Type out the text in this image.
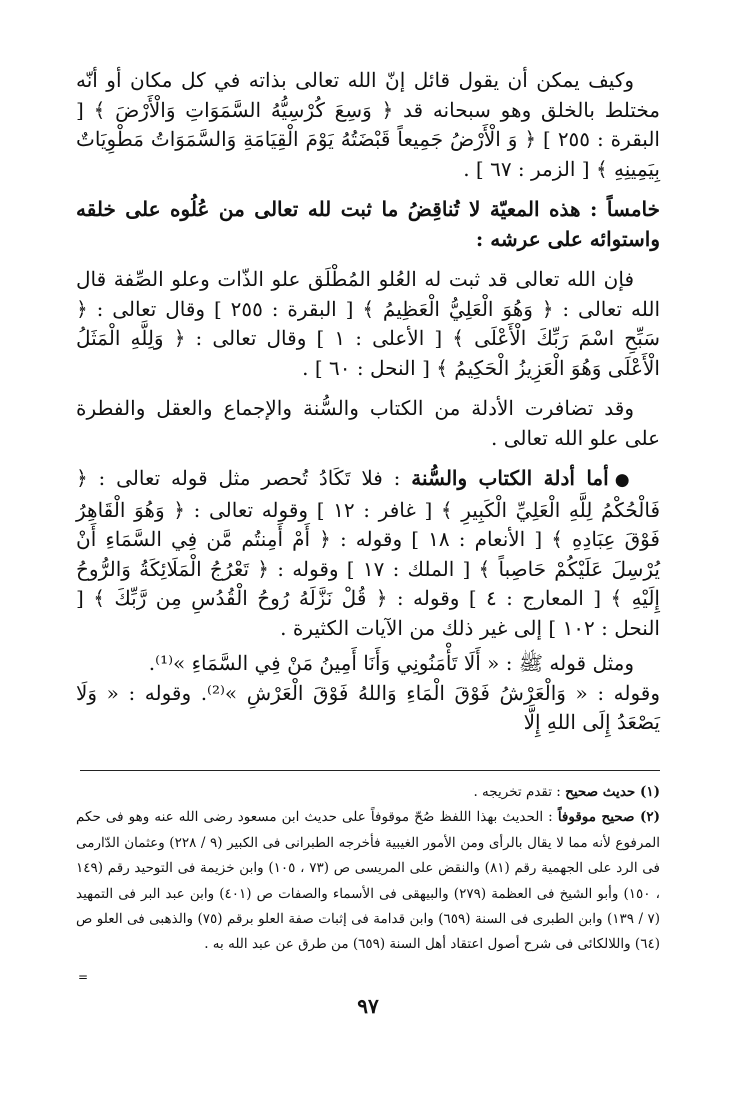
وكيف يمكن أن يقول قائل إنّ الله تعالى بذاته في كل مكان أو أنّه مختلط بالخلق وهو سبحانه قد ﴿ وَسِعَ كُرْسِيُّهُ السَّمَوَاتِ وَالْأَرْضَ ﴾ [ البقرة : ٢٥٥ ] ﴿ وَ الْأَرْضُ جَمِيعاً قَبْضَتُهُ يَوْمَ الْقِيَامَةِ وَالسَّمَوَاتُ مَطْوِيَاتٌ بِيَمِينِهِ ﴾ [ الزمر : ٦٧ ] .

خامساً : هذه المعيّة لا تُناقِضُ ما ثبت لله تعالى من عُلُوه على خلقه واستوائه على عرشه :

فإن الله تعالى قد ثبت له العُلو المُطْلَق علو الذّات وعلو الصِّفة قال الله تعالى : ﴿ وَهُوَ الْعَلِيُّ الْعَظِيمُ ﴾ [ البقرة : ٢٥٥ ] وقال تعالى : ﴿ سَبِّحِ اسْمَ رَبِّكَ الْأَعْلَى ﴾ [ الأعلى : ١ ] وقال تعالى : ﴿ وَلِلَّهِ الْمَثَلُ الْأَعْلَى وَهُوَ الْعَزِيزُ الْحَكِيمُ ﴾ [ النحل : ٦٠ ] .

وقد تضافرت الأدلة من الكتاب والسُّنة والإجماع والعقل والفطرة على علو الله تعالى .

● أما أدلة الكتاب والسُّنة : فلا تَكَادُ تُحصر مثل قوله تعالى : ﴿ فَالْحُكْمُ لِلَّهِ الْعَلِيِّ الْكَبِيرِ ﴾ [ غافر : ١٢ ] وقوله تعالى : ﴿ وَهُوَ الْقَاهِرُ فَوْقَ عِبَادِهِ ﴾ [ الأنعام : ١٨ ] وقوله : ﴿ أَمْ أَمِنتُم مَّن فِي السَّمَاءِ أَنْ يُرْسِلَ عَلَيْكُمْ حَاصِباً ﴾ [ الملك : ١٧ ] وقوله : ﴿ تَعْرُجُ الْمَلَائِكَةُ وَالرُّوحُ إِلَيْهِ ﴾ [ المعارج : ٤ ] وقوله : ﴿ قُلْ نَزَّلَهُ رُوحُ الْقُدُسِ مِن رَّبِّكَ ﴾ [ النحل : ١٠٢ ] إلى غير ذلك من الآيات الكثيرة .

ومثل قوله ﷺ : « أَلَا تَأْمَنُونِي وَأَنَا أَمِينُ مَنْ فِي السَّمَاءِ »⁽¹⁾.

وقوله : « وَالْعَرْشُ فَوْقَ الْمَاءِ وَاللهُ فَوْقَ الْعَرْشِ »⁽²⁾. وقوله : « وَلَا يَصْعَدُ إِلَى اللهِ إِلَّا

(١) حديث صحيح : تقدم تخريجه .

(٢) صحيح موقوفاً : الحديث بهذا اللفظ صُحّ موقوفاً على حديث ابن مسعود رضى الله عنه وهو فى حكم المرفوع لأنه مما لا يقال بالرأى ومن الأمور الغيبية فأخرجه الطبرانى فى الكبير (٩ / ٢٢٨) وعثمان الدّارمى فى الرد على الجهمية رقم (٨١) والنقض على المريسى ص (٧٣ ، ١٠٥) وابن خزيمة فى التوحيد رقم (١٤٩ ، ١٥٠) وأبو الشيخ فى العظمة (٢٧٩) والبيهقى فى الأسماء والصفات ص (٤٠١) وابن عبد البر فى التمهيد (٧ / ١٣٩) وابن الطبرى فى السنة (٦٥٩) وابن قدامة فى إثبات صفة العلو برقم (٧٥) والذهبى فى العلو ص (٦٤) واللالكائى فى شرح أصول اعتقاد أهل السنة (٦٥٩) من طرق عن عبد الله به .

=
٩٧
